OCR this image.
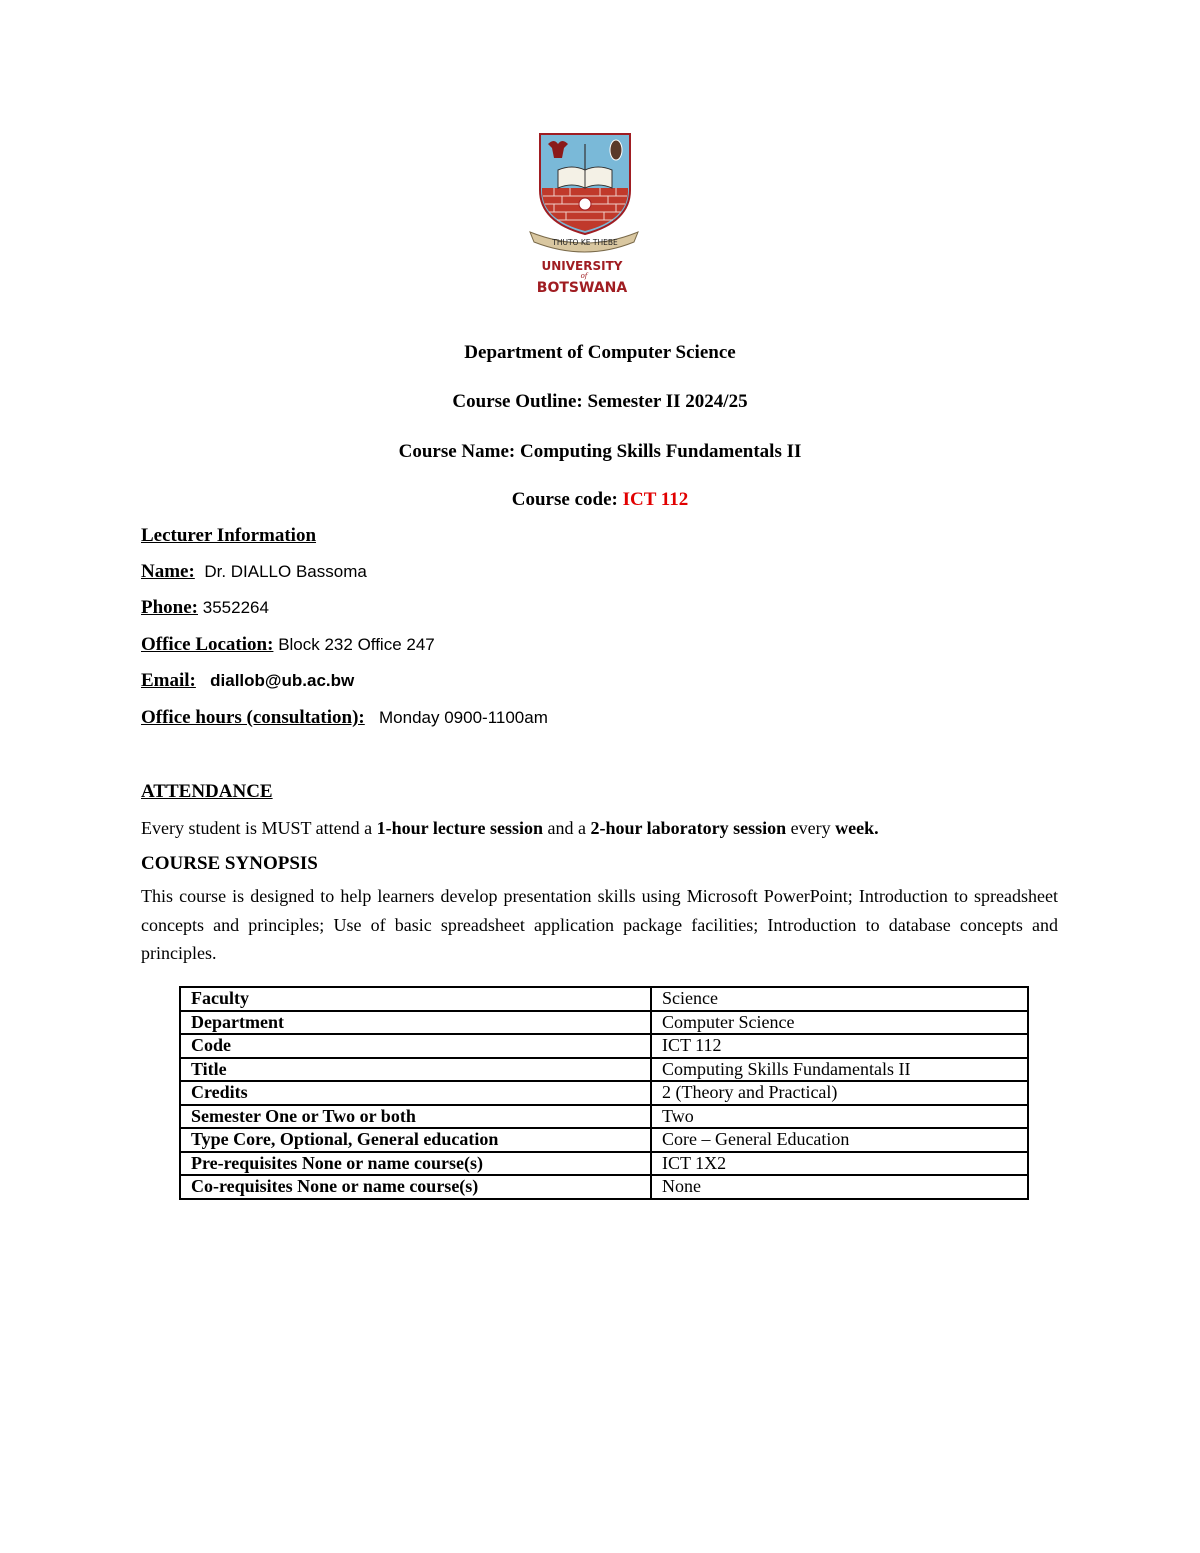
THUTO KE THEBE
UNIVERSITY
of
BOTSWANA
Department of Computer Science
Course Outline: Semester II 2024/25
Course Name: Computing Skills Fundamentals II
Course code: ICT 112
Lecturer Information
Name: Dr. DIALLO Bassoma
Phone: 3552264
Office Location: Block 232 Office 247
Email: diallob@ub.ac.bw
Office hours (consultation): Monday 0900-1100am
ATTENDANCE
Every student is MUST attend a 1-hour lecture session and a 2-hour laboratory session every week.
COURSE SYNOPSIS
This course is designed to help learners develop presentation skills using Microsoft PowerPoint; Introduction to spreadsheet concepts and principles; Use of basic spreadsheet application package facilities; Introduction to database concepts and principles.
Faculty	Science
Department	Computer Science
Code	ICT 112
Title	Computing Skills Fundamentals II
Credits	2 (Theory and Practical)
Semester One or Two or both	Two
Type Core, Optional, General education	Core – General Education
Pre-requisites None or name course(s)	ICT 1X2
Co-requisites None or name course(s)	None
